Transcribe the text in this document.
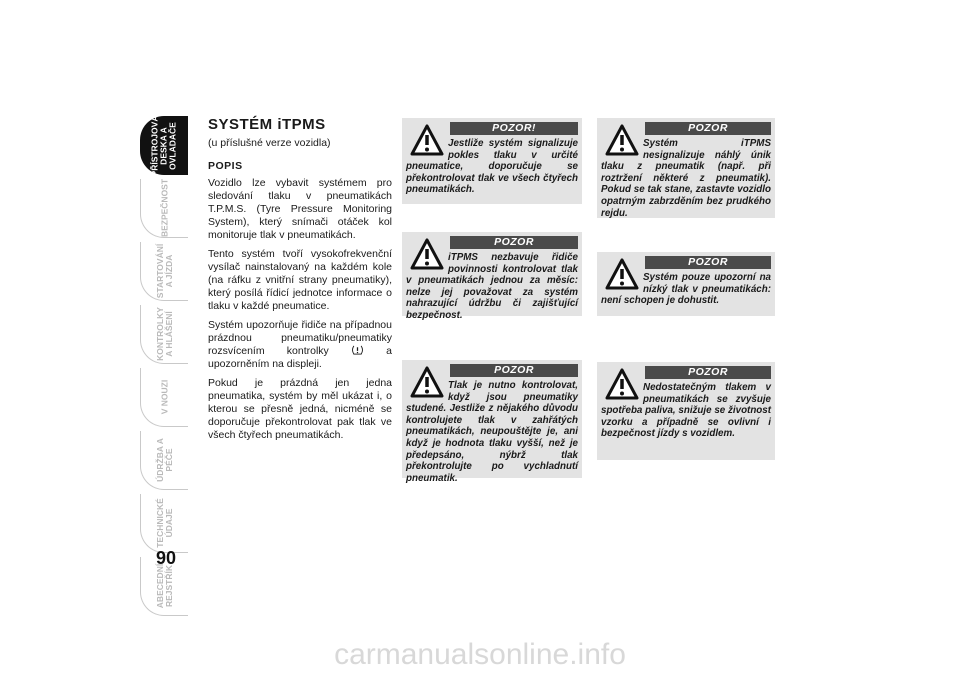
PŘÍSTROJOVÁ
DESKA A
OVLADAČE
BEZPEČNOST
STARTOVÁNÍ
A JÍZDA
KONTROLKY
A HLÁŠENÍ
V NOUZI
ÚDRŽBA A
PÉČE
TECHNICKÉ
ÚDAJE
ABECEDNÍ
REJSTŘÍK
90
SYSTÉM iTPMS

(u příslušné verze vozidla)

POPIS

Vozidlo lze vybavit systémem pro sledování tlaku v pneumatikách T.P.M.S. (Tyre Pressure Monitoring System), který snímači otáček kol monitoruje tlak v pneumatikách.

Tento systém tvoří vysokofrekvenční vysílač nainstalovaný na každém kole (na ráfku z vnitřní strany pneumatiky), který posílá řídicí jednotce informace o tlaku v každé pneumatice.

Systém upozorňuje řidiče na případnou prázdnou pneumatiku/pneumatiky rozsvícením kontrolky	a upozorněním na displeji.

Pokud je prázdná jen jedna pneumatika, systém by měl ukázat i, o kterou se přesně jedná, nicméně se doporučuje překontrolovat pak tlak ve všech čtyřech pneumatikách.

POZOR!
Jestliže systém signalizuje pokles tlaku v určité pneumatice, doporučuje se překontrolovat tlak ve všech čtyřech pneumatikách.
POZOR
iTPMS nezbavuje řidiče povinnosti kontrolovat tlak v pneumatikách jednou za měsíc: nelze jej považovat za systém nahrazující údržbu či zajišťující bezpečnost.
POZOR
Tlak je nutno kontrolovat, když jsou pneumatiky studené. Jestliže z nějakého důvodu kontrolujete tlak v zahřátých pneumatikách, neupouštějte je, ani když je hodnota tlaku vyšší, než je předepsáno, nýbrž tlak překontrolujte po vychladnutí pneumatik.
POZOR
Systém iTPMS nesignalizuje náhlý únik tlaku z pneumatik (např. při roztržení některé z pneumatik). Pokud se tak stane, zastavte vozidlo opatrným zabrzděním bez prudkého rejdu.
POZOR
Systém pouze upozorní na nízký tlak v pneumatikách: není schopen je dohustit.
POZOR
Nedostatečným tlakem v pneumatikách se zvyšuje spotřeba paliva, snižuje se životnost vzorku a případně se ovlivní i bezpečnost jízdy s vozidlem.
carmanualsonline.info
